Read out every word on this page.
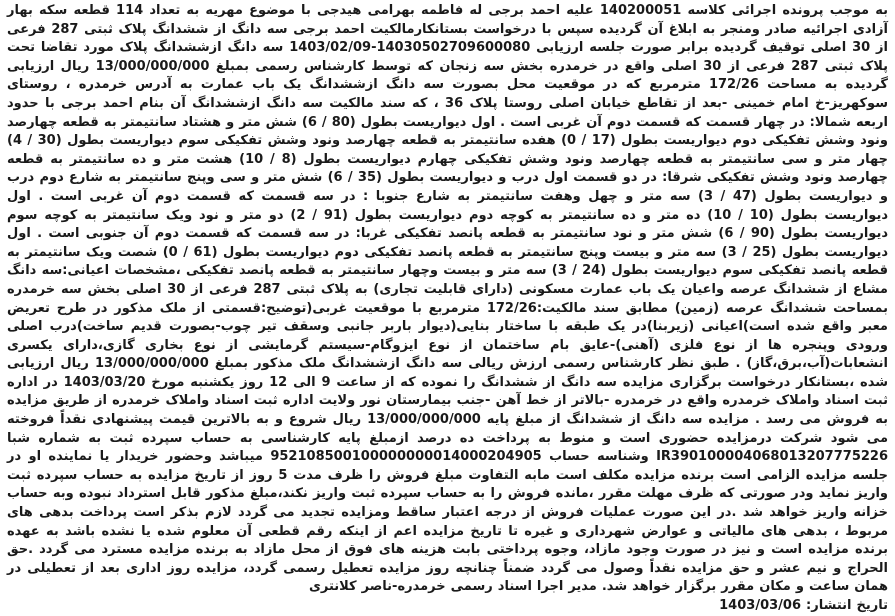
به موجب پرونده اجرائی کلاسه 140200051 علیه احمد برجی له فاطمه بهرامی هیدجی با موضوع مهریه به تعداد 114 قطعه سکه بهار آزادی اجرائیه صادر ومنجر به ابلاغ آن گردیده سپس با درخواست بستانکارمالکیت احمد برجی سه دانگ از ششدانگ پلاک ثبتی 287 فرعی از 30 اصلی توقیف گردیده برابر صورت جلسه ارزیابی 14030502709600080-1403/02/09 سه دانگ ازششدانگ پلاک مورد تقاضا تحت پلاک ثبتی 287 فرعی از 30 اصلی واقع در خرمدره بخش سه زنجان که توسط کارشناس رسمی بمبلغ 13/000/000/000 ریال ارزیابی گردیده به مساحت 172/26 مترمربع که در موقعیت محل بصورت سه دانگ ازششدانگ یک باب عمارت به آدرس خرمدره ، روستای سوکهریز-خ امام خمینی -بعد از تقاطع خیابان اصلی روستا پلاک 36 ، که سند مالکیت سه دانگ ازششدانگ آن بنام احمد برجی با حدود اربعه شمالا: در چهار قسمت که قسمت دوم آن غربی است . اول دیواریست بطول (80 / 6) شش متر و هشتاد سانتیمتر به قطعه چهارصد ونود وشش تفکیکی دوم دیواریست بطول (17 / 0) هفده سانتیمتر به قطعه چهارصد ونود وشش تفکیکی سوم دیواریست بطول (30 / 4) چهار متر و سی سانتیمتر به قطعه چهارصد ونود وشش تفکیکی چهارم دیواریست بطول (8 / 10) هشت متر و ده سانتیمتر به قطعه چهارصد ونود وشش تفکیکی شرقا: در دو قسمت اول درب و دیواریست بطول (35 / 6) شش متر و سی وپنج سانتیمتر به شارع دوم درب و دیواریست بطول (47 / 3) سه متر و چهل وهفت سانتیمتر به شارع جنوبا : در سه قسمت که قسمت دوم آن غربی است . اول دیواریست بطول (10 / 10) ده متر و ده سانتیمتر به کوچه دوم دیواریست بطول (91 / 2) دو متر و نود ویک سانتیمتر به کوچه سوم دیواریست بطول (90 / 6) شش متر و نود سانتیمتر به قطعه پانصد تفکیکی غربا: در سه قسمت که قسمت دوم آن جنوبی است . اول دیواریست بطول (25 / 3) سه متر و بیست وپنج سانتیمتر به قطعه پانصد تفکیکی دوم دیواریست بطول (61 / 0) شصت ویک سانتیمتر به قطعه پانصد تفکیکی سوم دیواریست بطول (24 / 3) سه متر و بیست وچهار سانتیمتر به قطعه پانصد تفکیکی ،مشخصات اعیانی:سه دانگ مشاع از ششدانگ عرصه واعیان یک باب عمارت مسکونی (دارای قابلیت تجاری) به پلاک ثبتی 287 فرعی از 30 اصلی بخش سه خرمدره بمساحت ششدانگ عرصه (زمین) مطابق سند مالکیت:172/26 مترمربع با موقعیت غربی(توضیح:قسمتی از ملک مذکور در طرح تعریض معبر واقع شده است)اعیانی (زیربنا)در یک طبقه با ساختار بنایی(دیوار باربر جانبی وسقف تیر چوب-بصورت قدیم ساخت)درب اصلی ورودی وپنجره ها از نوع فلزی (آهنی)-عایق بام ساختمان از نوع ایزوگام-سیستم گرمایشی از نوع بخاری گازی،دارای یکسری انشعابات(آب،برق،گاز) . طبق نظر کارشناس رسمی ارزش ریالی سه دانگ ازششدانگ ملک مذکور بمبلغ 13/000/000/000 ریال ارزیابی شده ،بستانکار درخواست برگزاری مزایده سه دانگ از ششدانگ را نموده که از ساعت 9 الی 12 روز یکشنبه مورخ 1403/03/20 در اداره ثبت اسناد واملاک خرمدره واقع در خرمدره -بالاتر از خط آهن -جنب بیمارستان نور ولایت اداره ثبت اسناد واملاک خرمدره از طریق مزایده به فروش می رسد . مزایده سه دانگ از ششدانگ از مبلغ پایه 13/000/000/000 ریال شروع و به بالاترین قیمت پیشنهادی نقداً فروخته می شود شرکت درمزایده حضوری است و منوط به پرداخت ده درصد ازمبلغ پایه کارشناسی به حساب سپرده ثبت به شماره شبا IR390100004068013207775226 وشناسه حساب 952108500100000000014000204905 میباشد وحضور خریدار یا نماینده او در جلسه مزایده الزامی است برنده مزایده مکلف است مابه التفاوت مبلغ فروش را ظرف مدت 5 روز از تاریخ مزایده به حساب سپرده ثبت واریز نماید ودر صورتی که ظرف مهلت مقرر ،مانده فروش را به حساب سپرده ثبت واریز نکند،مبلغ مذکور قابل استرداد نبوده وبه حساب خزانه واریز خواهد شد .در این صورت عملیات فروش از درجه اعتبار ساقط ومزایده تجدید می گردد لازم بذکر است پرداخت بدهی های مربوط ، بدهی های مالیاتی و عوارض شهرداری و غیره تا تاریخ مزایده اعم از اینکه رقم قطعی آن معلوم شده یا نشده باشد به عهده برنده مزایده است و نیز در صورت وجود مازاد، وجوه پرداختی بابت هزینه های فوق از محل مازاد به برنده مزایده مسترد می گردد .حق الحراج و نیم عشر و حق مزایده نقداً وصول می گردد ضمناً چنانچه روز مزایده تعطیل رسمی گردد، مزایده روز اداری بعد از تعطیلی در همان ساعت و مکان مقرر برگزار خواهد شد. مدیر اجرا اسناد رسمی خرمدره-ناصر کلانتری
تاریخ انتشار: 1403/03/06
